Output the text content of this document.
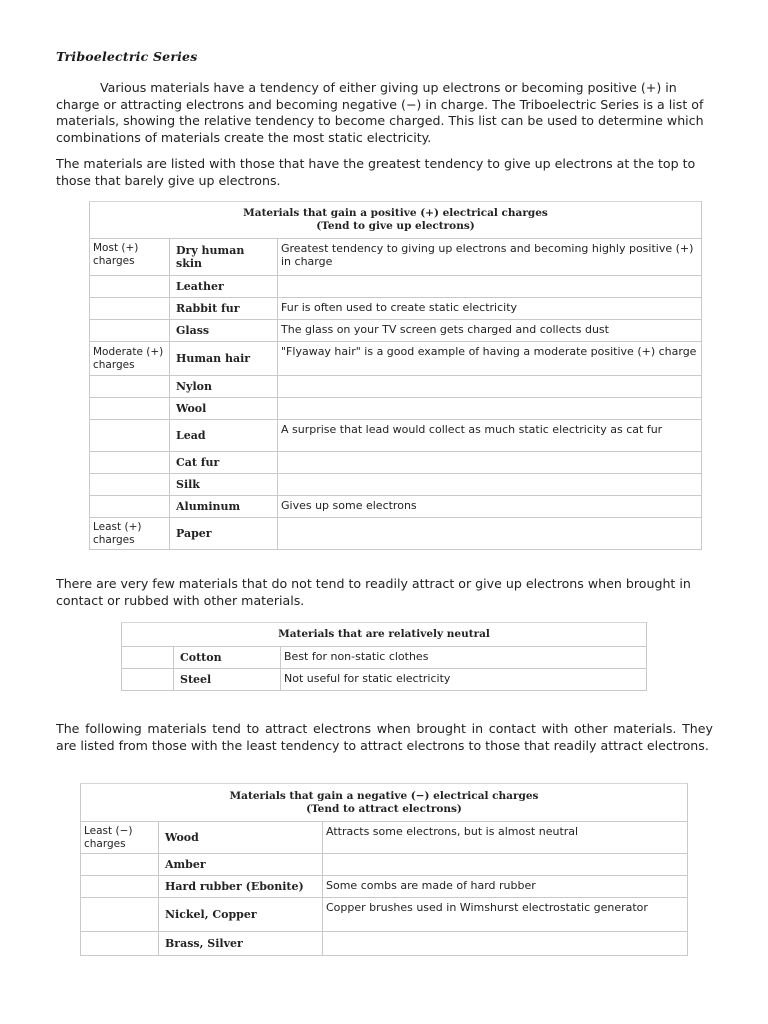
Triboelectric Series

Various materials have a tendency of either giving up electrons or becoming positive (+) in charge or attracting electrons and becoming negative (−) in charge. The Triboelectric Series is a list of materials, showing the relative tendency to become charged. This list can be used to determine which combinations of materials create the most static electricity.

The materials are listed with those that have the greatest tendency to give up electrons at the top to those that barely give up electrons.

Materials that gain a positive (+) electrical charges
(Tend to give up electrons)		

Most (+) charges	Dry human skin	Greatest tendency to giving up electrons and becoming highly positive (+) in charge
	Leather	
	Rabbit fur	Fur is often used to create static electricity
	Glass	The glass on your TV screen gets charged and collects dust
Moderate (+) charges	Human hair	"Flyaway hair" is a good example of having a moderate positive (+) charge
	Nylon	
	Wool	
	Lead	A surprise that lead would collect as much static electricity as cat fur
	Cat fur	
	Silk	
	Aluminum	Gives up some electrons
Least (+) charges	Paper	

There are very few materials that do not tend to readily attract or give up electrons when brought in contact or rubbed with other materials.

Materials that are relatively neutral		
	Cotton	Best for non-static clothes
	Steel	Not useful for static electricity

The following materials tend to attract electrons when brought in contact with other materials. They are listed from those with the least tendency to attract electrons to those that readily attract electrons.

Materials that gain a negative (−) electrical charges
(Tend to attract electrons)		

Least (−) charges	Wood	Attracts some electrons, but is almost neutral
	Amber	
	Hard rubber (Ebonite)	Some combs are made of hard rubber
	Nickel, Copper	Copper brushes used in Wimshurst electrostatic generator
	Brass, Silver	
